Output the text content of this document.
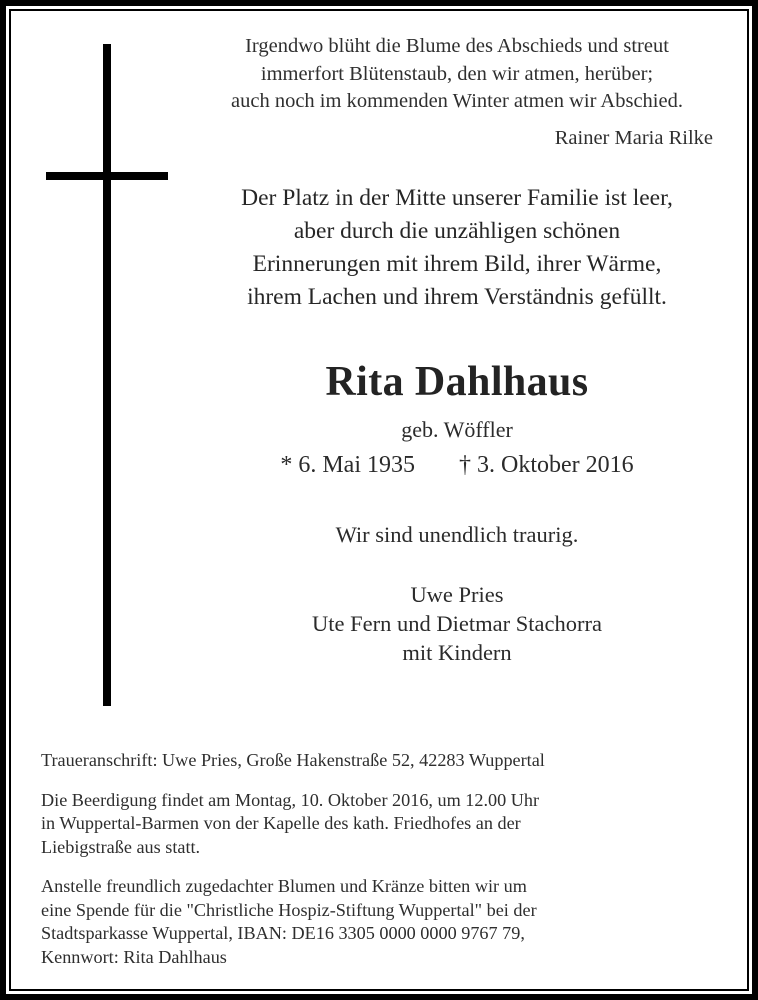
Irgendwo blüht die Blume des Abschieds und streut
immerfort Blütenstaub, den wir atmen, herüber;
auch noch im kommenden Winter atmen wir Abschied.
Rainer Maria Rilke
Der Platz in der Mitte unserer Familie ist leer,
aber durch die unzähligen schönen
Erinnerungen mit ihrem Bild, ihrer Wärme,
ihrem Lachen und ihrem Verständnis gefüllt.
Rita Dahlhaus
geb. Wöffler
* 6. Mai 1935 † 3. Oktober 2016
Wir sind unendlich traurig.
Uwe Pries
Ute Fern und Dietmar Stachorra
mit Kindern
Traueranschrift: Uwe Pries, Große Hakenstraße 52, 42283 Wuppertal
Die Beerdigung findet am Montag, 10. Oktober 2016, um 12.00 Uhr
in Wuppertal-Barmen von der Kapelle des kath. Friedhofes an der
Liebigstraße aus statt.
Anstelle freundlich zugedachter Blumen und Kränze bitten wir um
eine Spende für die "Christliche Hospiz-Stiftung Wuppertal" bei der
Stadtsparkasse Wuppertal, IBAN: DE16 3305 0000 0000 9767 79,
Kennwort: Rita Dahlhaus
